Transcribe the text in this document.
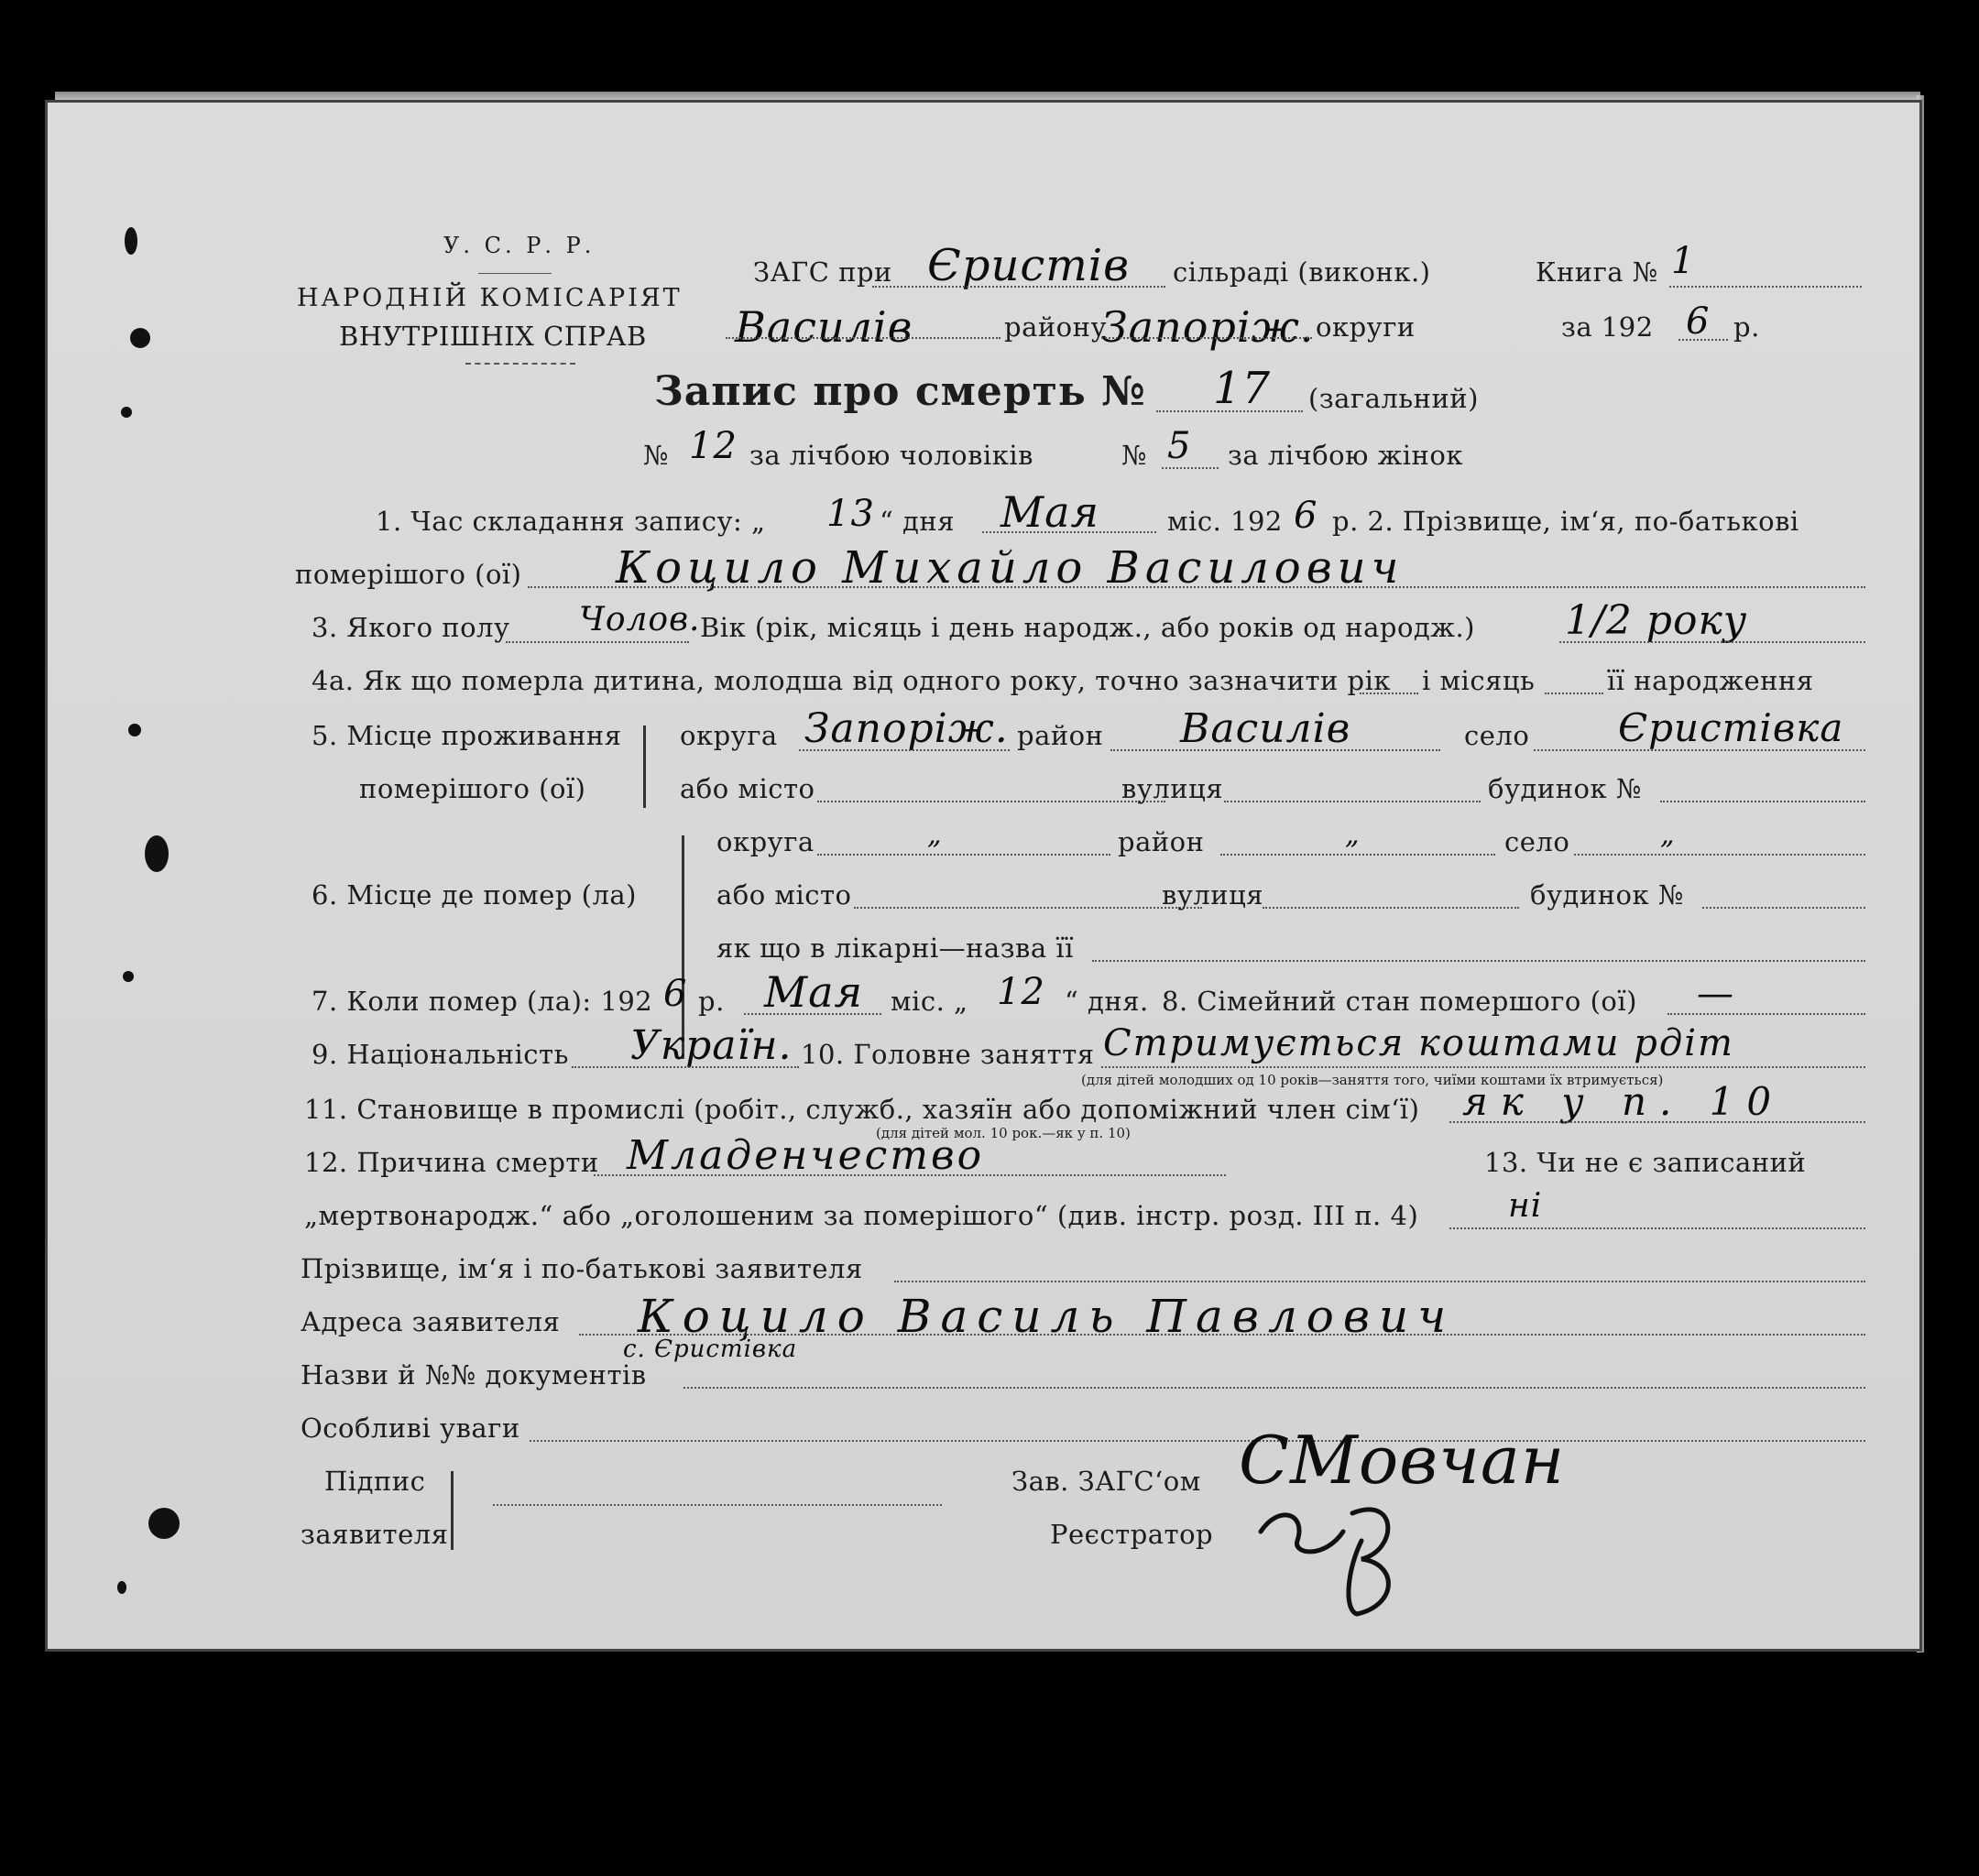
У. С. Р. Р.
НАРОДНІЙ КОМІСАРІЯТ
ВНУТРІШНІХ СПРАВ
ЗАГС при Єристів сільраді (виконк.)	Книга № 1
Василів	району
Запоріж. округи	за 192 6 р.
Запис про смерть № 17 (загальний)
№ 12 за лічбою чоловіків	№ 5 за лічбою жінок
1. Час складання запису: „ 13 “ дня Мая	міс. 192 6 р. 2. Прізвище, ім‘я, по-батькові
померішого (ої) Коцило Михайло Василович
3. Якого полу Чолов. Вік (рік, місяць і день народж., або років од народж.) 1/2 року
4а. Як що померла дитина, молодша від одного року, точно зазначити рік і місяць	її народження
5. Місце проживання
померішого (ої)
округа Запоріж. район Василів	село Єристівка
або місто	вулиця	будинок №
округа	„	район	„	село	„
6. Місце де помер (ла)	або місто	вулиця	будинок №
як що в лікарні—назва її
7. Коли помер (ла): 192 6 р. Мая міс. „ 12 “ дня. 8. Сімейний стан помершого (ої) —
9. Національність Україн. 10. Головне заняття Стримується коштами рдіт
(для дітей молодших од 10 років—заняття того, чиїми коштами їх втримується)
11. Становище в промислі (робіт., служб., хазяїн або допоміжний член сім‘ї) як у п. 10
(для дітей мол. 10 рок.—як у п. 10)
12. Причина смерти Младенчество	13. Чи не є записаний
„мертвонародж.“ або „оголошеним за померішого“ (див. інстр. розд. III п. 4)	ні
Прізвище, ім‘я і по-батькові заявителя
Адреса заявителя Коцило Василь Павлович
с. Єристівка
Назви й №№ документів
Особливі уваги
Підпис
заявителя
Зав. ЗАГС‘ом СМовчан
Реєстратор
